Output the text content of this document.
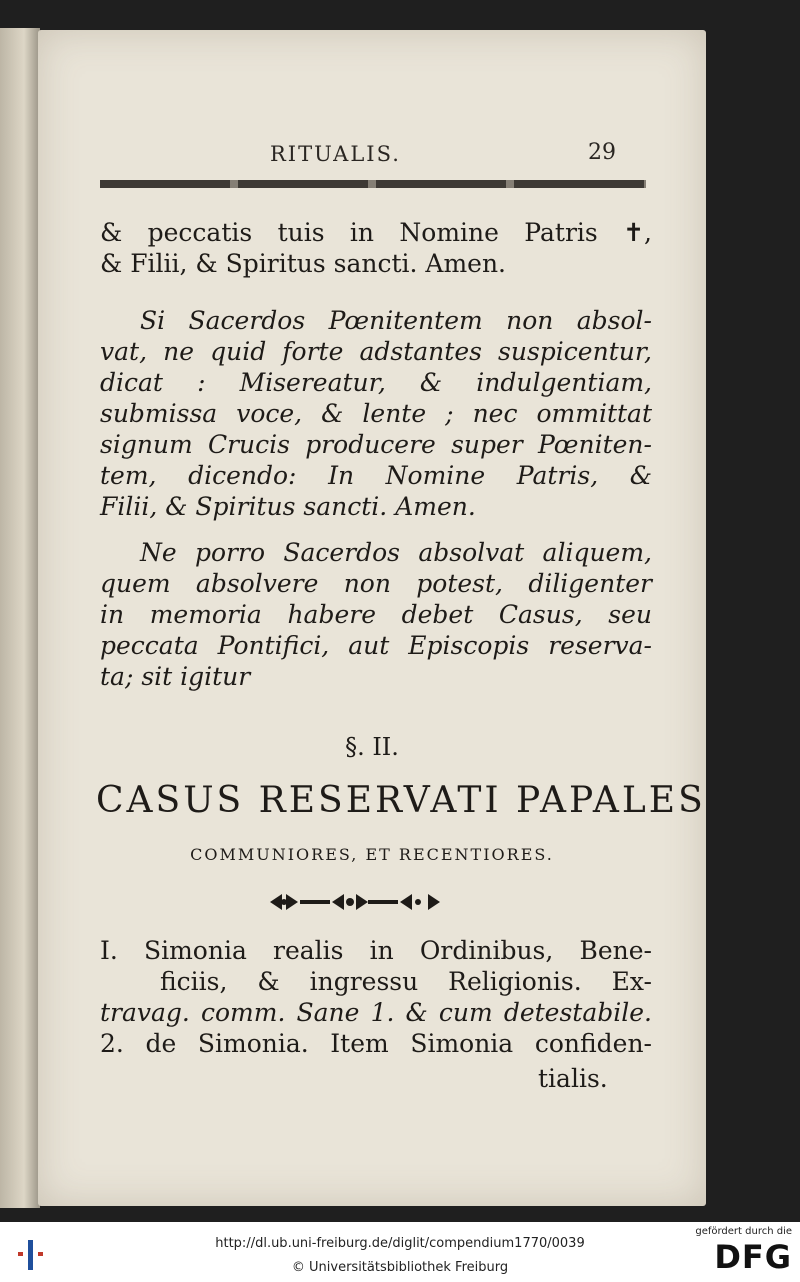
RITUALIS.	29
& peccatis tuis in Nomine Patris ✝,
& Filii, & Spiritus sancti. Amen.
Si Sacerdos Pœnitentem non absol-
vat, ne quid forte adstantes suspicentur,
dicat : Misereatur, & indulgentiam,
submissa voce, & lente ; nec ommittat
signum Crucis producere super Pœniten-
tem, dicendo: In Nomine Patris, &
Filii, & Spiritus sancti. Amen.
Ne porro Sacerdos absolvat aliquem,
quem absolvere non potest, diligenter
in memoria habere debet Casus, seu
peccata Pontifici, aut Episcopis reserva-
ta; sit igitur
§. II.
CASUS RESERVATI PAPALES
COMMUNIORES, ET RECENTIORES.
I. Simonia realis in Ordinibus, Bene-
ficiis, & ingressu Religionis. Ex-
travag. comm. Sane 1. & cum detestabile.
2. de Simonia. Item Simonia confiden-
tialis.
http://dl.ub.uni-freiburg.de/diglit/compendium1770/0039
© Universitätsbibliothek Freiburg
gefördert durch die
DFG
